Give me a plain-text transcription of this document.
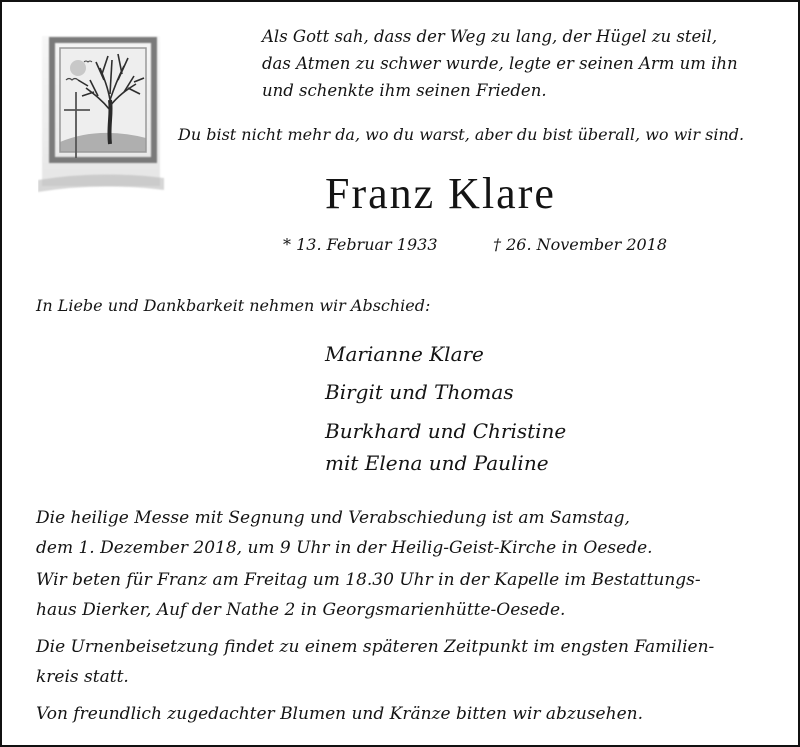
Als Gott sah, dass der Weg zu lang, der Hügel zu steil,
das Atmen zu schwer wurde, legte er seinen Arm um ihn
und schenkte ihm seinen Frieden.
Du bist nicht mehr da, wo du warst, aber du bist überall, wo wir sind.
Franz Klare
* 13. Februar 1933	† 26. November 2018
In Liebe und Dankbarkeit nehmen wir Abschied:
Marianne Klare
Birgit und Thomas
Burkhard und Christine
mit Elena und Pauline
Die heilige Messe mit Segnung und Verabschiedung ist am Samstag,
dem 1. Dezember 2018, um 9 Uhr in der Heilig-Geist-Kirche in Oesede.
Wir beten für Franz am Freitag um 18.30 Uhr in der Kapelle im Bestattungs-
haus Dierker, Auf der Nathe 2 in Georgsmarienhütte-Oesede.
Die Urnenbeisetzung findet zu einem späteren Zeitpunkt im engsten Familien-
kreis statt.
Von freundlich zugedachter Blumen und Kränze bitten wir abzusehen.
